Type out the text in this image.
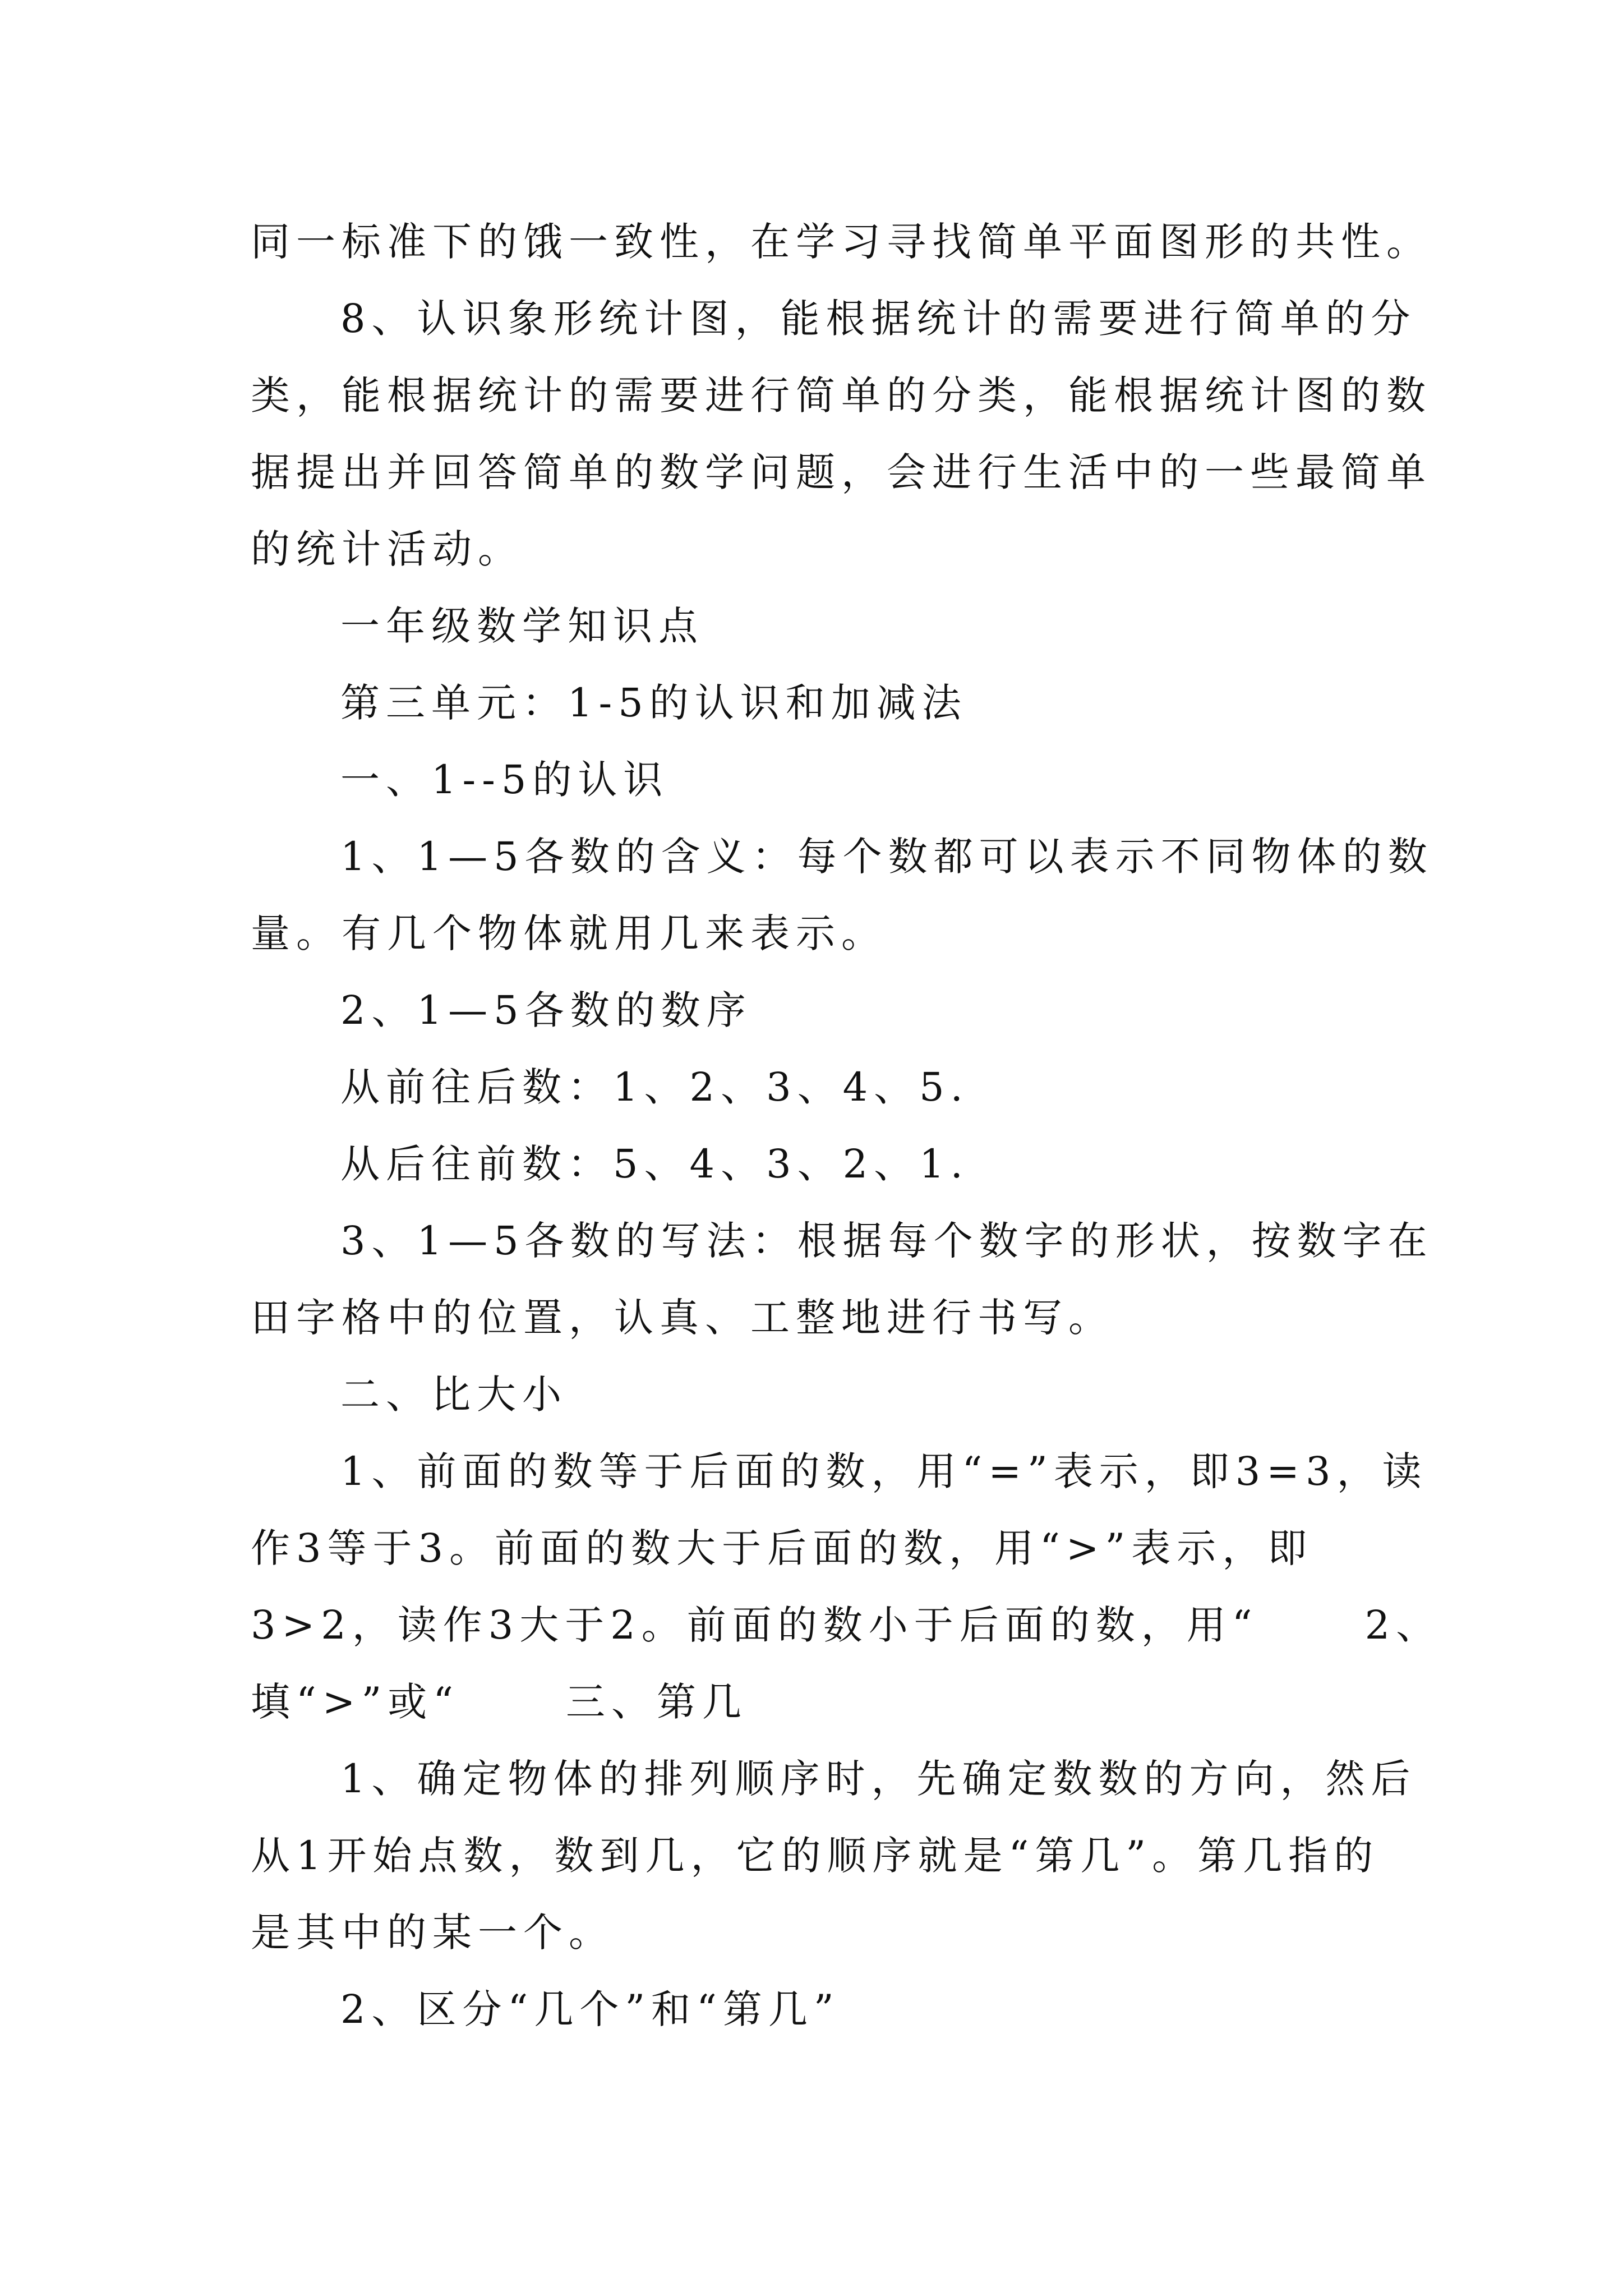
同一标准下的饿一致性，在学习寻找简单平面图形的共性。
8、认识象形统计图，能根据统计的需要进行简单的分
类，能根据统计的需要进行简单的分类，能根据统计图的数
据提出并回答简单的数学问题，会进行生活中的一些最简单
的统计活动。
一年级数学知识点
第三单元：1-5的认识和加减法
一、1--5的认识
1、1—5各数的含义：每个数都可以表示不同物体的数
量。有几个物体就用几来表示。
2、1—5各数的数序
从前往后数：1、2、3、4、5.
从后往前数：5、4、3、2、1.
3、1—5各数的写法：根据每个数字的形状，按数字在
田字格中的位置，认真、工整地进行书写。
二、比大小
1、前面的数等于后面的数，用“=”表示，即3=3，读
作3等于3。前面的数大于后面的数，用“>”表示，即
3>2，读作3大于2。前面的数小于后面的数，用“	2、
填“>”或“	三、第几
1、确定物体的排列顺序时，先确定数数的方向，然后
从1开始点数，数到几，它的顺序就是“第几”。第几指的
是其中的某一个。
2、区分“几个”和“第几”
